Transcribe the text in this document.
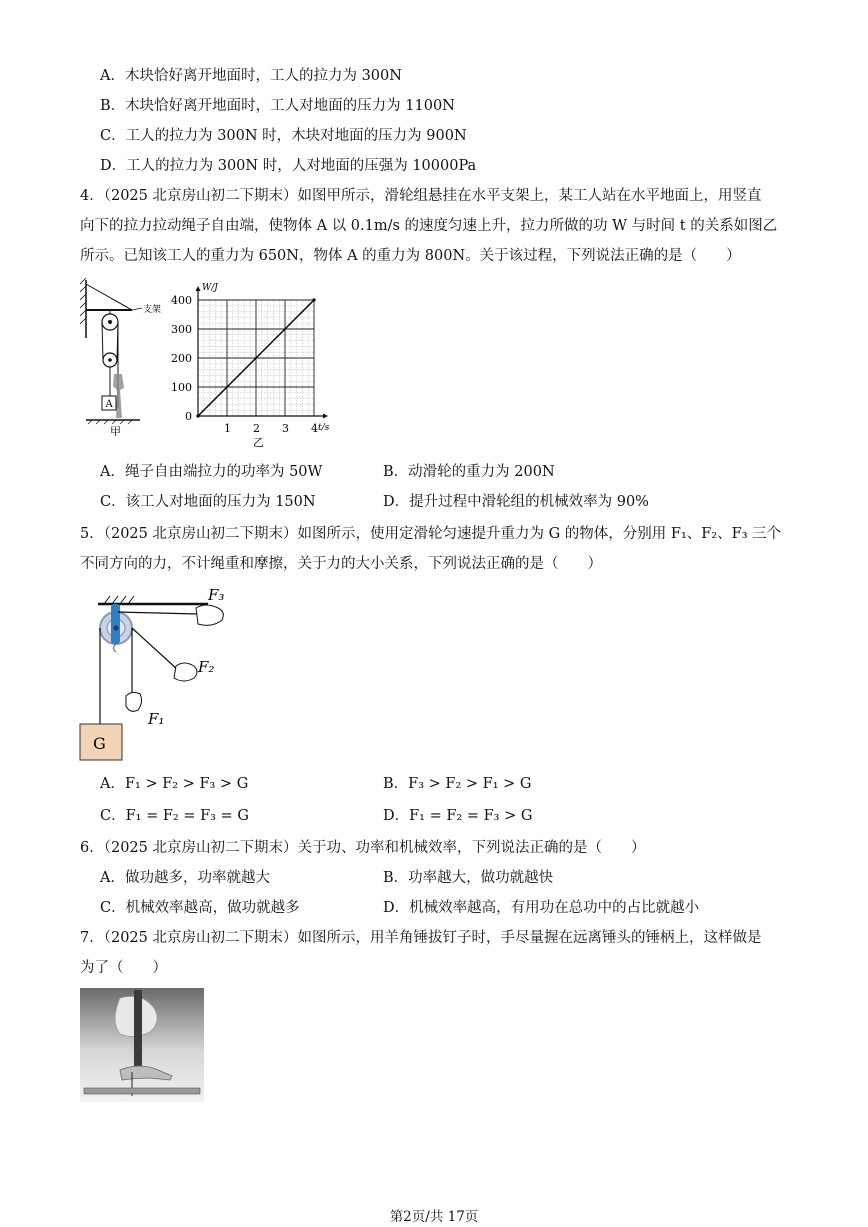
A．木块恰好离开地面时，工人的拉力为 300N
B．木块恰好离开地面时，工人对地面的压力为 1100N
C．工人的拉力为 300N 时，木块对地面的压力为 900N
D．工人的拉力为 300N 时，人对地面的压强为 10000Pa
4．（2025 北京房山初二下期末）如图甲所示，滑轮组悬挂在水平支架上，某工人站在水平地面上，用竖直
向下的拉力拉动绳子自由端，使物体 A 以 0.1m/s 的速度匀速上升，拉力所做的功 W 与时间 t 的关系如图乙
所示。已知该工人的重力为 650N，物体 A 的重力为 800N。关于该过程，下列说法正确的是（　　）
支架
A
甲	1 2 3 4
0
100
200
300
400
W/J
t/s
乙
A．绳子自由端拉力的功率为 50W	B．动滑轮的重力为 200N
C．该工人对地面的压力为 150N	D．提升过程中滑轮组的机械效率为 90%
5．（2025 北京房山初二下期末）如图所示，使用定滑轮匀速提升重力为 G 的物体，分别用 F₁、F₂、F₃ 三个
不同方向的力，不计绳重和摩擦，关于力的大小关系，下列说法正确的是（　　）
F₃
F₂
F₁
G
A．F₁ > F₂ > F₃ > G	B．F₃ > F₂ > F₁ > G
C．F₁ = F₂ = F₃ = G	D．F₁ = F₂ = F₃ > G
6．（2025 北京房山初二下期末）关于功、功率和机械效率，下列说法正确的是（　　）
A．做功越多，功率就越大	B．功率越大，做功就越快
C．机械效率越高，做功就越多	D．机械效率越高，有用功在总功中的占比就越小
7．（2025 北京房山初二下期末）如图所示，用羊角锤拔钉子时，手尽量握在远离锤头的锤柄上，这样做是
为了（　　）
第2页/共 17页
